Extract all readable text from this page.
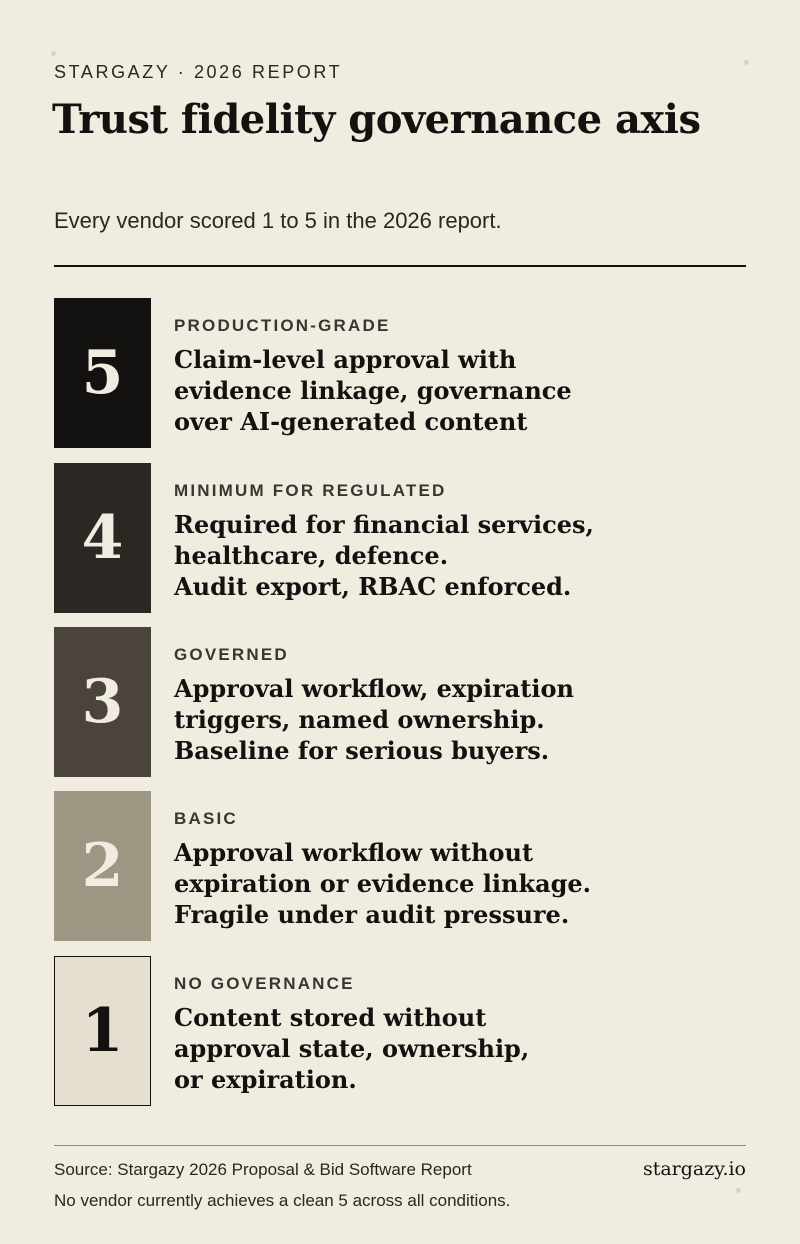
STARGAZY · 2026 REPORT
Trust fidelity governance axis
Every vendor scored 1 to 5 in the 2026 report.
5
PRODUCTION-GRADE
Claim-level approval with
evidence linkage, governance
over AI-generated content
4
MINIMUM FOR REGULATED
Required for financial services,
healthcare, defence.
Audit export, RBAC enforced.
3
GOVERNED
Approval workflow, expiration
triggers, named ownership.
Baseline for serious buyers.
2
BASIC
Approval workflow without
expiration or evidence linkage.
Fragile under audit pressure.
1
NO GOVERNANCE
Content stored without
approval state, ownership,
or expiration.
Source: Stargazy 2026 Proposal & Bid Software Report
No vendor currently achieves a clean 5 across all conditions.
stargazy.io
